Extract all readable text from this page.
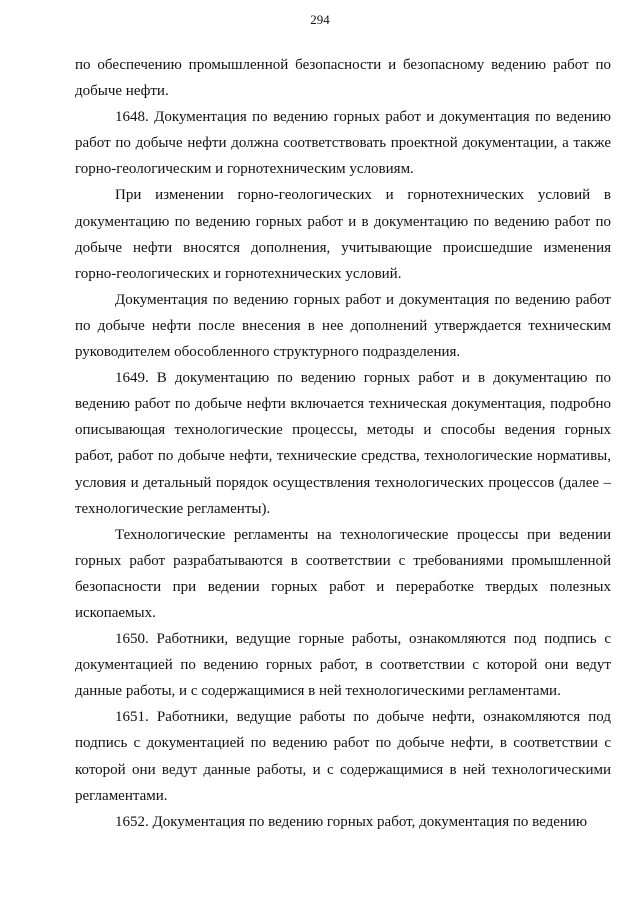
294

по обеспечению промышленной безопасности и безопасному ведению работ по добыче нефти.

1648. Документация по ведению горных работ и документация по ведению работ по добыче нефти должна соответствовать проектной документации, а также горно-геологическим и горнотехническим условиям.

При изменении горно-геологических и горнотехнических условий в документацию по ведению горных работ и в документацию по ведению работ по добыче нефти вносятся дополнения, учитывающие происшедшие изменения горно-геологических и горнотехнических условий.

Документация по ведению горных работ и документация по ведению работ по добыче нефти после внесения в нее дополнений утверждается техническим руководителем обособленного структурного подразделения.

1649. В документацию по ведению горных работ и в документацию по ведению работ по добыче нефти включается техническая документация, подробно описывающая технологические процессы, методы и способы ведения горных работ, работ по добыче нефти, технические средства, технологические нормативы, условия и детальный порядок осуществления технологических процессов (далее – технологические регламенты).

Технологические регламенты на технологические процессы при ведении горных работ разрабатываются в соответствии с требованиями промышленной безопасности при ведении горных работ и переработке твердых полезных ископаемых.

1650. Работники, ведущие горные работы, ознакомляются под подпись с документацией по ведению горных работ, в соответствии с которой они ведут данные работы, и с содержащимися в ней технологическими регламентами.

1651. Работники, ведущие работы по добыче нефти, ознакомляются под подпись с документацией по ведению работ по добыче нефти, в соответствии с которой они ведут данные работы, и с содержащимися в ней технологическими регламентами.

1652. Документация по ведению горных работ, документация по ведению
